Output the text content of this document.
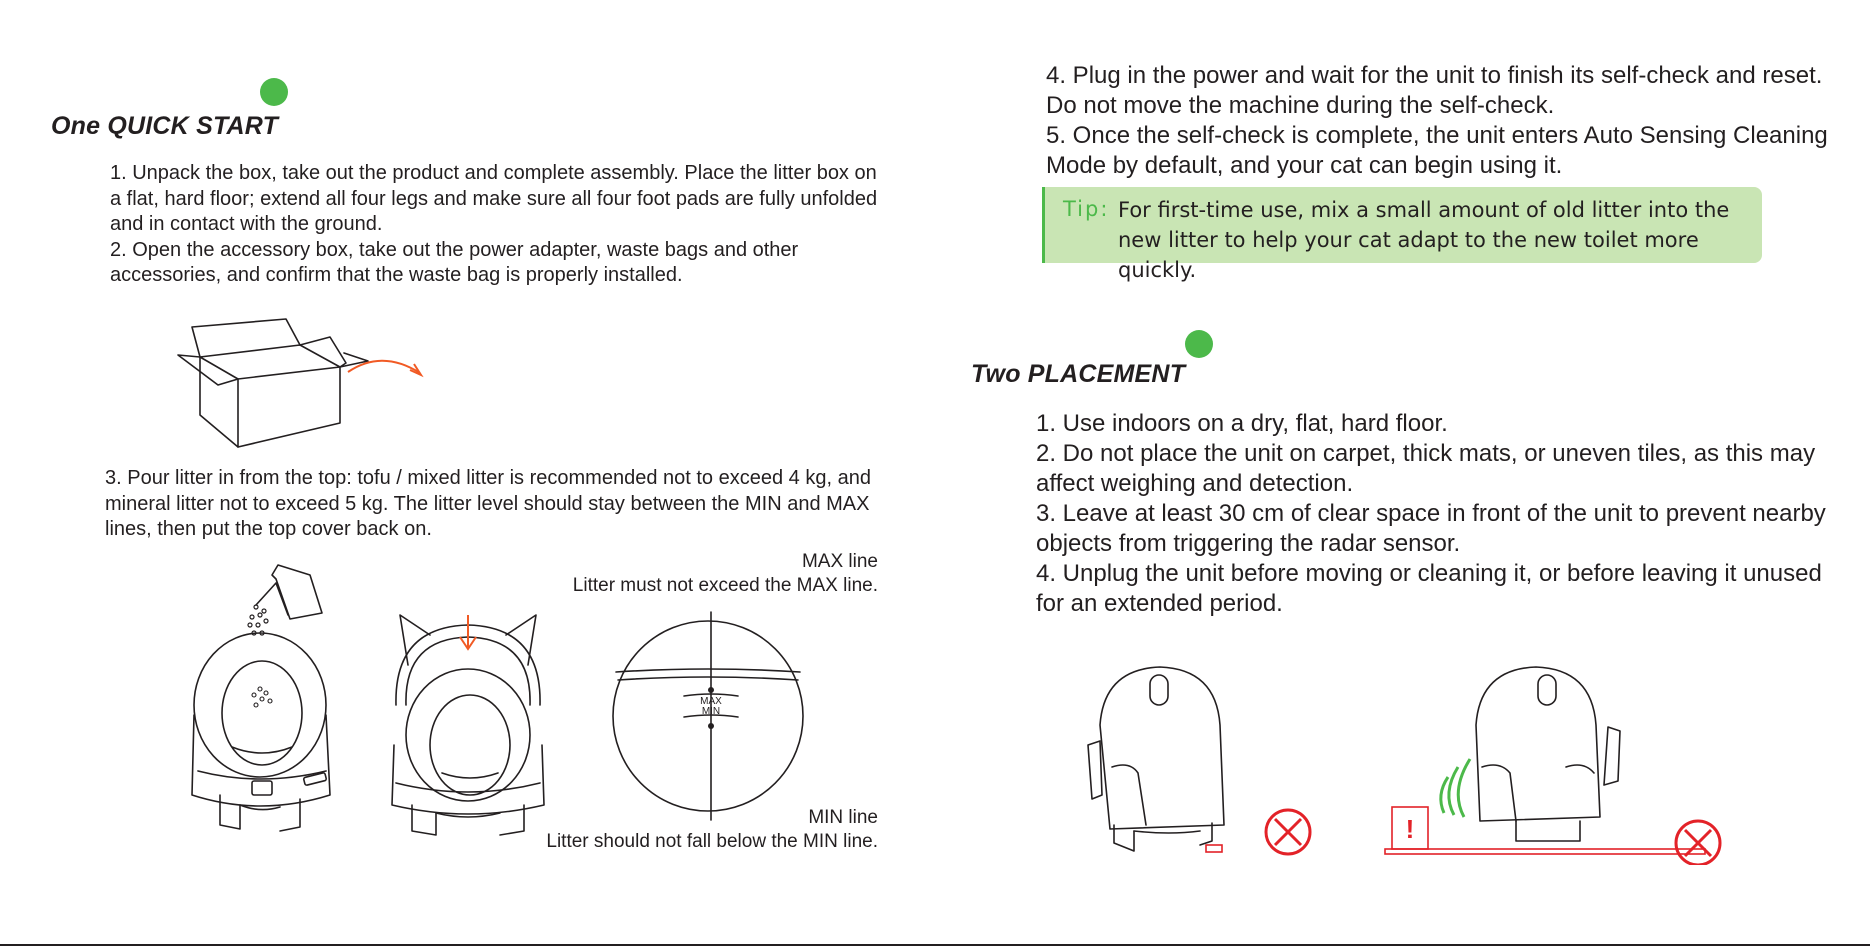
One QUICK START

1. Unpack the box, take out the product and complete assembly. Place the litter box on a flat, hard floor; extend all four legs and make sure all four foot pads are fully unfolded and in contact with the ground.

2. Open the accessory box, take out the power adapter, waste bags and other accessories, and confirm that the waste bag is properly installed.

3. Pour litter in from the top: tofu / mixed litter is recommended not to exceed 4 kg, and mineral litter not to exceed 5 kg. The litter level should stay between the MIN and MAX lines, then put the top cover back on.

MAX line
Litter must not exceed the MAX line.
MIN line
Litter should not fall below the MIN line.
MAX
MIN

4. Plug in the power and wait for the unit to finish its self-check and reset. Do not move the machine during the self-check.

5. Once the self-check is complete, the unit enters Auto Sensing Cleaning Mode by default, and your cat can begin using it.

Tip: For first-time use, mix a small amount of old litter into the new litter to help your cat adapt to the new toilet more quickly.
Two PLACEMENT

1. Use indoors on a dry, flat, hard floor.

2. Do not place the unit on carpet, thick mats, or uneven tiles, as this may affect weighing and detection.

3. Leave at least 30 cm of clear space in front of the unit to prevent nearby objects from triggering the radar sensor.

4. Unplug the unit before moving or cleaning it, or before leaving it unused for an extended period.

!
